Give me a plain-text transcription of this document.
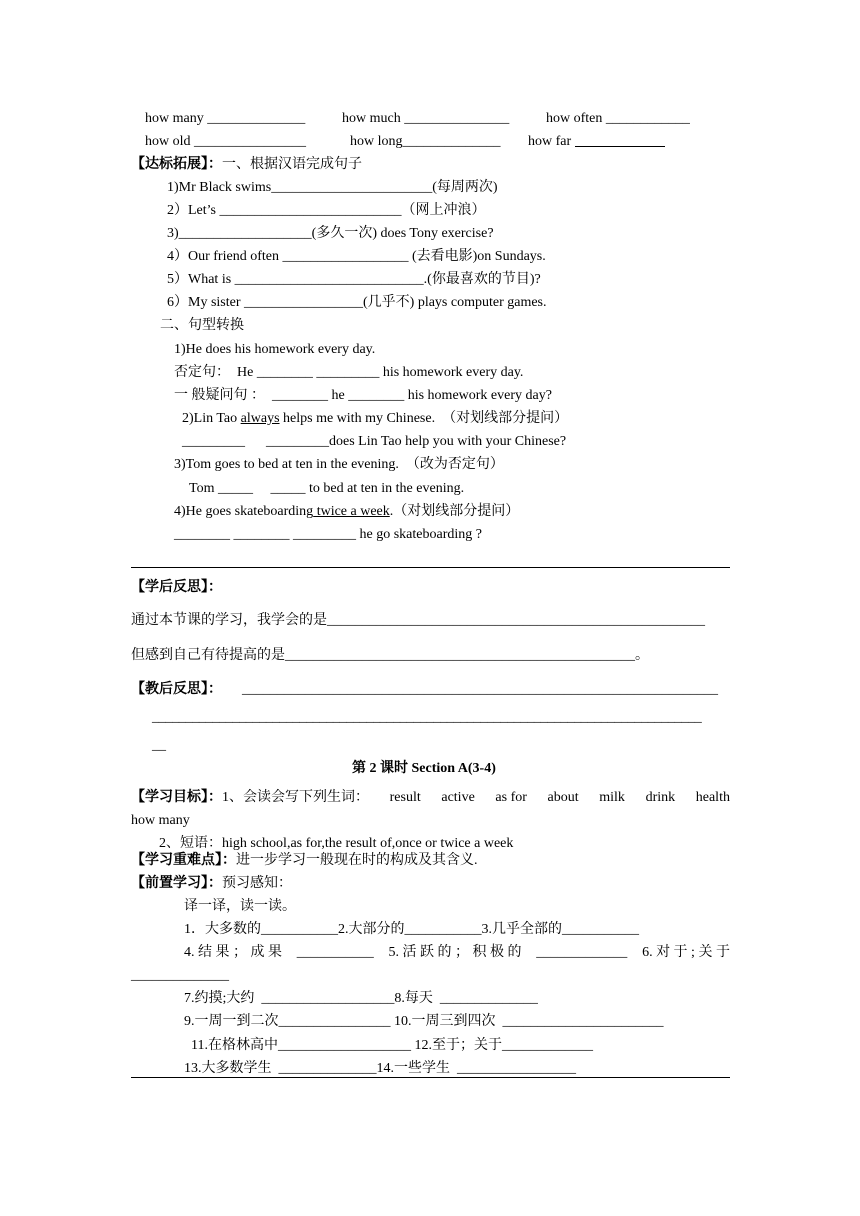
how many ______________	how much _______________	how often ____________
how old ________________	how long______________ how far
【达标拓展】：一、根据汉语完成句子
1)Mr Black swims_______________________(每周两次)
2）Let’s __________________________（网上冲浪）
3)___________________(多久一次) does Tony exercise?
4）Our friend often __________________ (去看电影)on Sundays.
5）What is ___________________________.(你最喜欢的节目)?
6）My sister _________________(几乎不) plays computer games.
二、句型转换
1)He does his homework every day.
否定句：  He ________ _________ his homework every day.
一 般疑问句 ：  ________ he ________ his homework every day?
2)Lin Tao always helps me with my Chinese.  （对划线部分提问）
_________      _________does Lin Tao help you with your Chinese?
3)Tom goes to bed at ten in the evening.  （改为否定句）
Tom _____     _____ to bed at ten in the evening.
4)He goes skateboarding twice a week.（对划线部分提问）
________ ________ _________ he go skateboarding ?
【学后反思】：
通过本节课的学习，我学会的是______________________________________________________
但感到自己有待提高的是__________________________________________________。
【教后反思】： ____________________________________________________________________
__________________________________________________________________________________
__
第 2 课时 Section A(3-4)
【学习目标】：1、会读会写下列生词： result active as for about milk drink health
how many
2、短语：high school,as for,the result of,once or twice a week
【学习重难点】：进一步学习一般现在时的构成及其含义.
【前置学习】：预习感知：
译一译，读一读。
1．大多数的___________2.大部分的___________3.几乎全部的___________
4. 结 果 ； 成 果 ___________ 5. 活 跃 的 ； 积 极 的 _____________ 6. 对 于 ; 关 于
______________
7.约摸;大约  ___________________8.每天  ______________
9.一周一到二次________________ 10.一周三到四次  _______________________
11.在格林高中___________________ 12.至于；关于_____________
13.大多数学生  ______________14.一些学生  _________________
